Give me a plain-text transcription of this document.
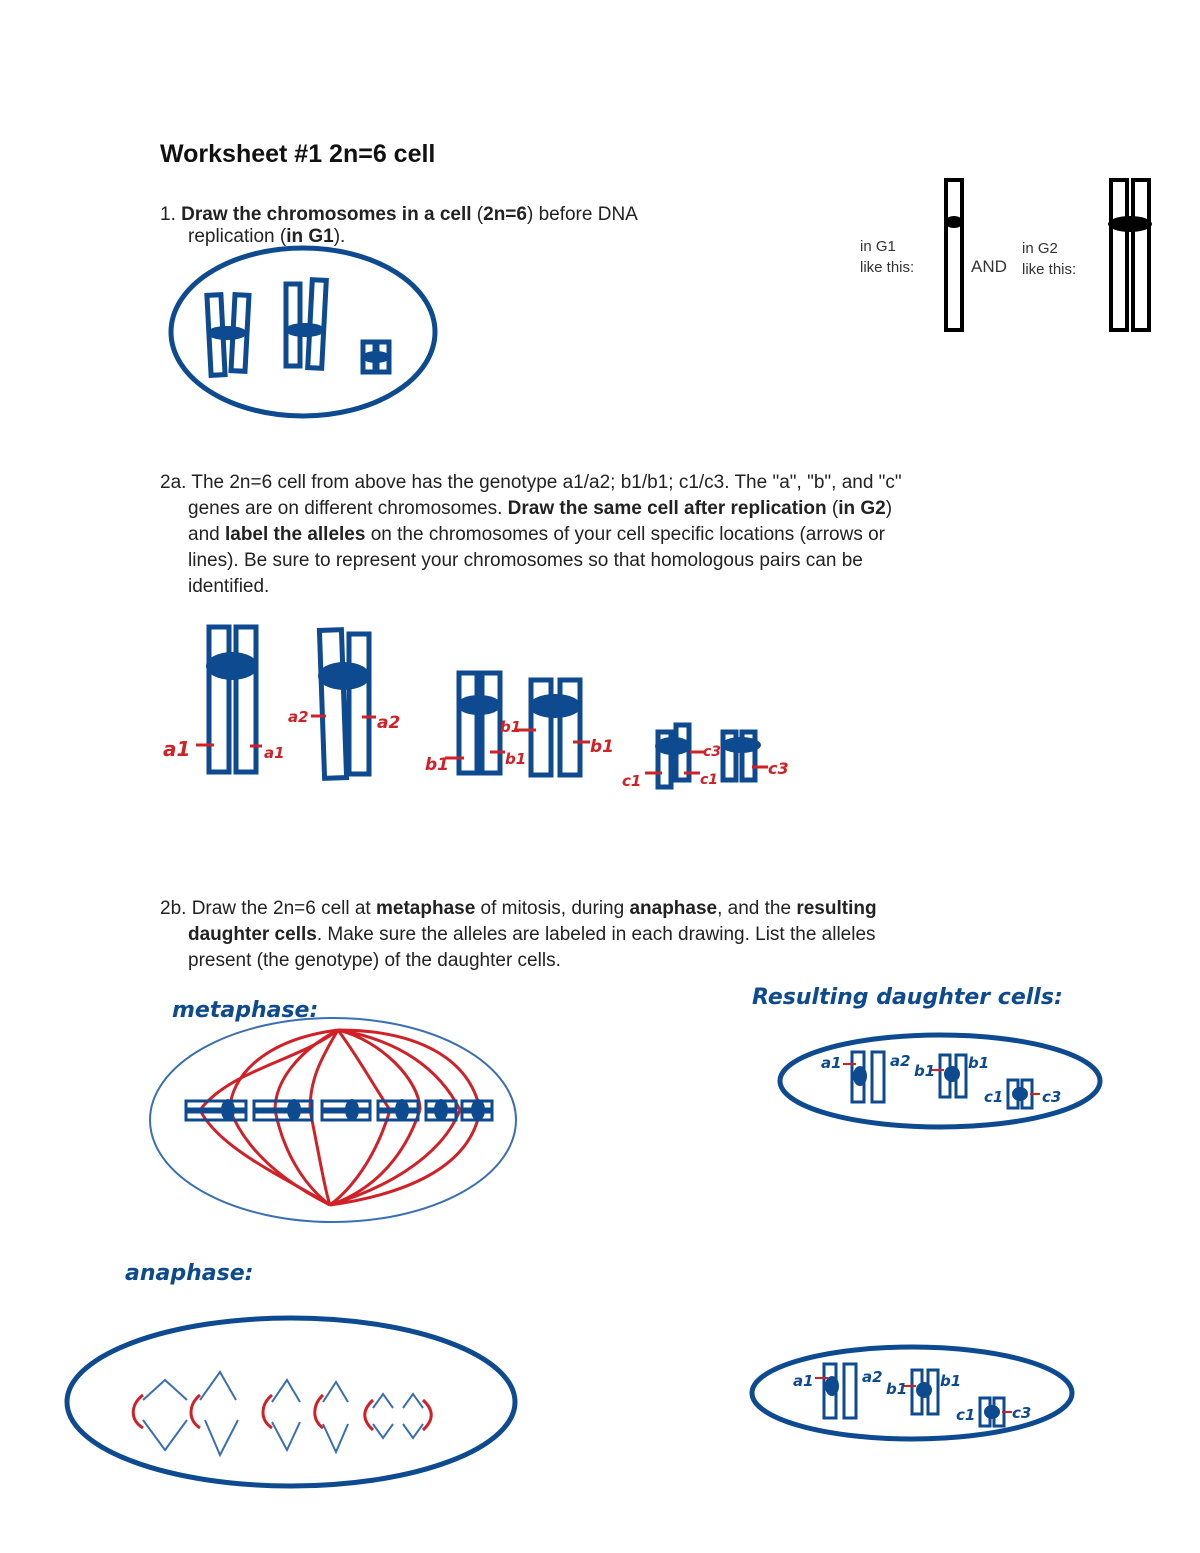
Worksheet #1 2n=6 cell
1. Draw the chromosomes in a cell (2n=6) before DNA
replication (in G1).
2a. The 2n=6 cell from above has the genotype a1/a2; b1/b1; c1/c3. The "a", "b", and "c"
genes are on different chromosomes. Draw the same cell after replication (in G2)
and label the alleles on the chromosomes of your cell specific locations (arrows or
lines). Be sure to represent your chromosomes so that homologous pairs can be
identified.
2b. Draw the 2n=6 cell at metaphase of mitosis, during anaphase, and the resulting
daughter cells. Make sure the alleles are labeled in each drawing. List the alleles
present (the genotype) of the daughter cells.
in G1
like this:	AND
in G2
like this:
a1	a1
a2	a2
b1	b1
b1
b1
c1	c1
c3
c3
metaphase:
anaphase:
Resulting daughter cells:
a1	a2
b1 b1
c1	c3
a1	a2
b1 b1
c1 c3
